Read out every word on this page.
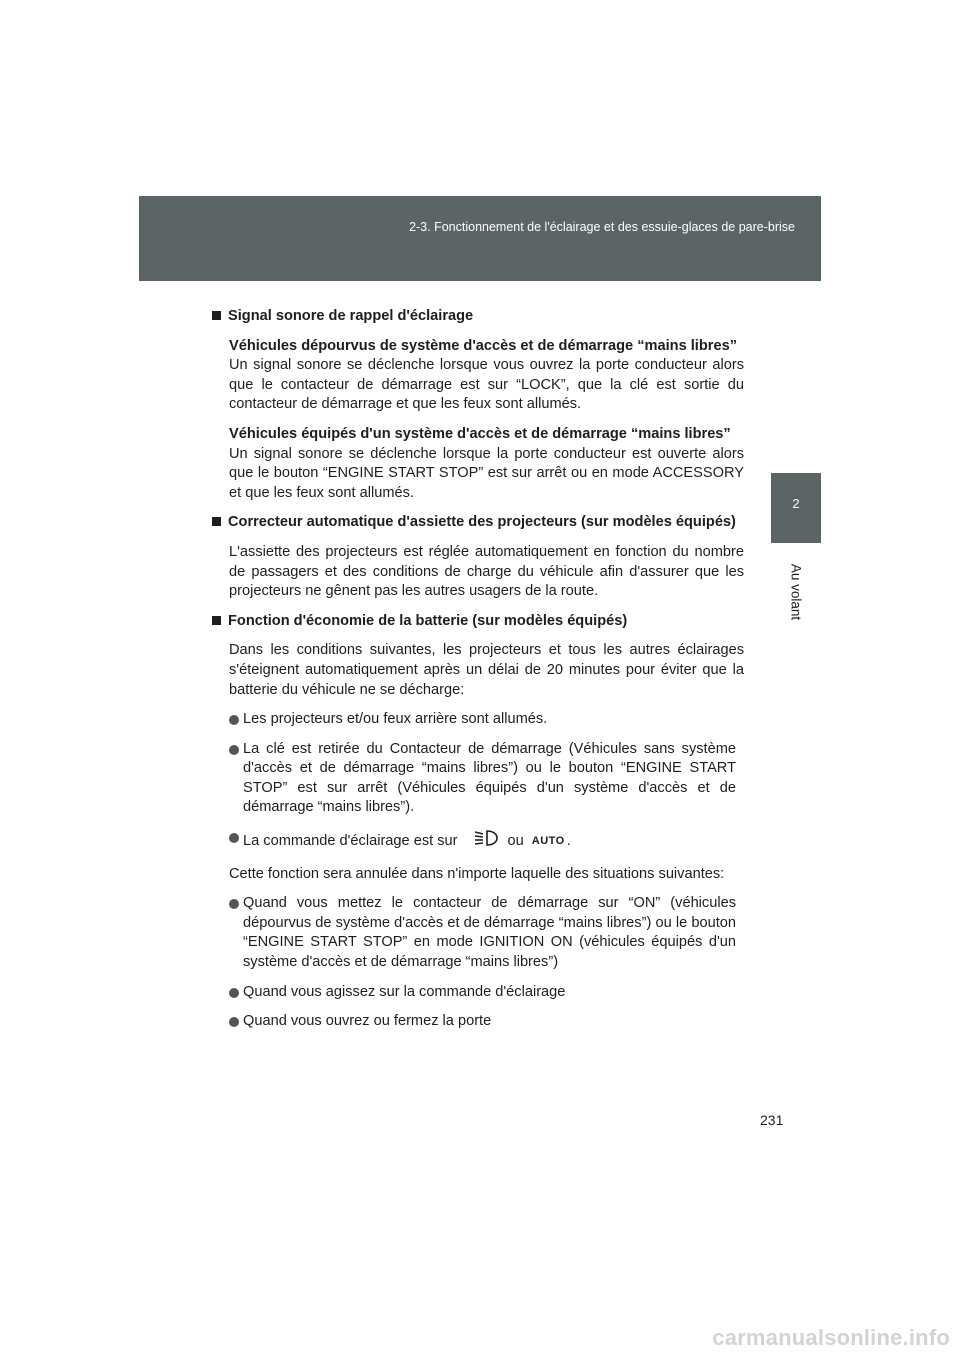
2-3. Fonctionnement de l'éclairage et des essuie-glaces de pare-brise
2
Au volant

Signal sonore de rappel d'éclairage

Véhicules dépourvus de système d'accès et de démarrage “mains libres”

Un signal sonore se déclenche lorsque vous ouvrez la porte conducteur alors que le contacteur de démarrage est sur “LOCK”, que la clé est sortie du contacteur de démarrage et que les feux sont allumés.

Véhicules équipés d'un système d'accès et de démarrage “mains libres”

Un signal sonore se déclenche lorsque la porte conducteur est ouverte alors que le bouton “ENGINE START STOP” est sur arrêt ou en mode ACCESSORY et que les feux sont allumés.

Correcteur automatique d'assiette des projecteurs (sur modèles équipés)

L'assiette des projecteurs est réglée automatiquement en fonction du nombre de passagers et des conditions de charge du véhicule afin d'assurer que les projecteurs ne gênent pas les autres usagers de la route.

Fonction d'économie de la batterie (sur modèles équipés)

Dans les conditions suivantes, les projecteurs et tous les autres éclairages s'éteignent automatiquement après un délai de 20 minutes pour éviter que la batterie du véhicule ne se décharge:

Les projecteurs et/ou feux arrière sont allumés.
La clé est retirée du Contacteur de démarrage (Véhicules sans système d'accès et de démarrage “mains libres”) ou le bouton “ENGINE START STOP” est sur arrêt (Véhicules équipés d'un système d'accès et de démarrage “mains libres”).
La commande d'éclairage est sur	ou AUTO .

Cette fonction sera annulée dans n'importe laquelle des situations suivantes:

Quand vous mettez le contacteur de démarrage sur “ON” (véhicules dépourvus de système d'accès et de démarrage “mains libres”) ou le bouton “ENGINE START STOP” en mode IGNITION ON (véhicules équipés d'un système d'accès et de démarrage “mains libres”)
Quand vous agissez sur la commande d'éclairage
Quand vous ouvrez ou fermez la porte
231
carmanualsonline.info
